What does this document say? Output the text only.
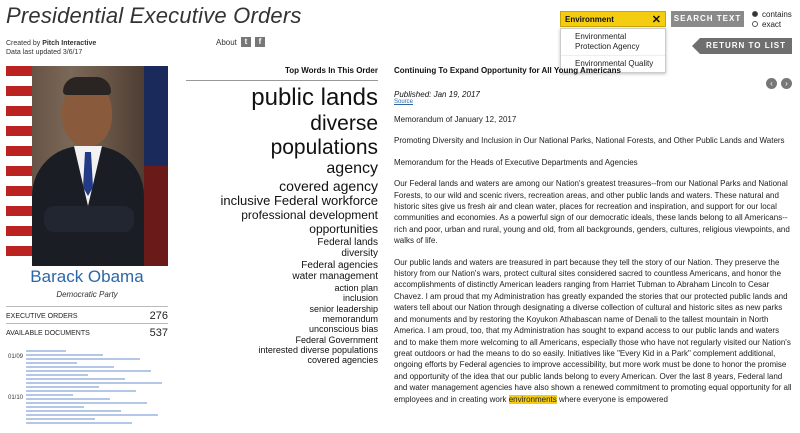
Presidential Executive Orders
Created by Pitch Interactive
Data last updated 3/6/17
About t	f
Environment	✕
Environmental Protection Agency
Environmental Quality
SEARCH TEXT	contains
exact
RETURN TO LIST
Barack Obama
Democratic Party
EXECUTIVE ORDERS	276
AVAILABLE DOCUMENTS	537
01/09
01/10
Top Words In This Order
public lands
diverse
populations
agency
covered agency
inclusive Federal workforce
professional development
opportunities
Federal lands
diversity
Federal agencies
water management
action plan
inclusion
senior leadership
memorandum
unconscious bias
Federal Government
interested diverse populations
covered agencies
Continuing To Expand Opportunity for All Young Americans
‹	›
Published: Jan 19, 2017
Source

Memorandum of January 12, 2017

Promoting Diversity and Inclusion in Our National Parks, National Forests, and Other Public Lands and Waters

Memorandum for the Heads of Executive Departments and Agencies

Our Federal lands and waters are among our Nation's greatest treasures--from our National Parks and National Forests, to our wild and scenic rivers, recreation areas, and other public lands and waters. These natural and historic sites give us fresh air and clean water, places for recreation and inspiration, and support for our local communities and economies. As a powerful sign of our democratic ideals, these lands belong to all Americans--rich and poor, urban and rural, young and old, from all backgrounds, genders, cultures, religious viewpoints, and walks of life.

Our public lands and waters are treasured in part because they tell the story of our Nation. They preserve the history from our Nation's wars, protect cultural sites considered sacred to countless Americans, and honor the accomplishments of distinctly American leaders ranging from Harriet Tubman to Abraham Lincoln to Cesar Chavez. I am proud that my Administration has greatly expanded the stories that our protected public lands and waters tell about our Nation through designating a diverse collection of cultural and historic sites as new parks and monuments and by restoring the Koyukon Athabascan name of Denali to the tallest mountain in North America. I am proud, too, that my Administration has sought to expand access to our public lands and waters and to make them more welcoming to all Americans, especially those who have not regularly visited our Nation's great outdoors or had the means to do so easily. Initiatives like "Every Kid in a Park" complement additional, ongoing efforts by Federal agencies to improve accessibility, but more work must be done to honor the promise and opportunity of the idea that our public lands belong to every American. Over the last 8 years, Federal land and water management agencies have also shown a renewed commitment to promoting equal opportunity for all employees and in creating work environments where everyone is empowered
